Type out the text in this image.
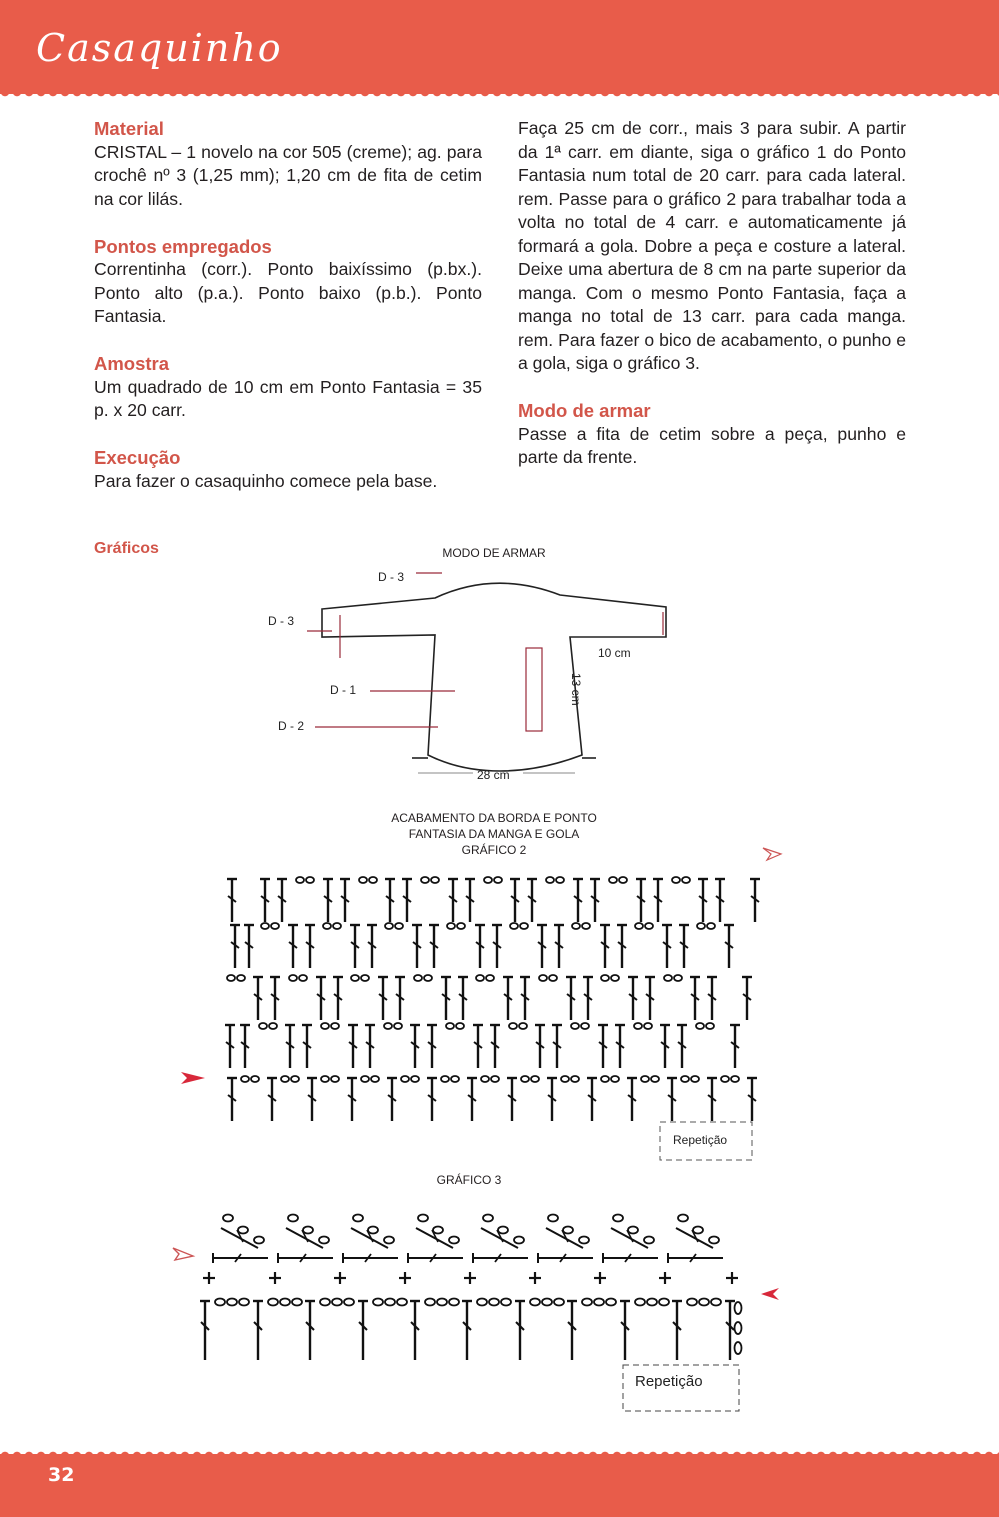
Casaquinho
Material
CRISTAL – 1 novelo na cor 505 (creme); ag. para crochê nº 3 (1,25 mm); 1,20 cm de fita de cetim na cor lilás.
Pontos empregados
Correntinha (corr.). Ponto baixíssimo (p.bx.). Ponto alto (p.a.). Ponto baixo (p.b.). Ponto Fantasia.
Amostra
Um quadrado de 10 cm em Ponto Fantasia = 35 p. x 20 carr.
Execução
Para fazer o casaquinho comece pela base.
Faça 25 cm de corr., mais 3 para subir. A partir da 1ª carr. em diante, siga o gráfico 1 do Ponto Fantasia num total de 20 carr. para cada lateral. rem. Passe para o gráfico 2 para trabalhar toda a volta no total de 4 carr. e automaticamente já formará a gola. Dobre a peça e costure a lateral. Deixe uma abertura de 8 cm na parte superior da manga. Com o mesmo Ponto Fantasia, faça a manga no total de 13 carr. para cada manga. rem. Para fazer o bico de acabamento, o punho e a gola, siga o gráfico 3.
Modo de armar
Passe a fita de cetim sobre a peça, punho e parte da frente.
Gráficos	MODO DE ARMAR
D - 3
D - 3
D - 1
D - 2
10 cm
13 cm
28 cm
ACABAMENTO DA BORDA E PONTO
FANTASIA DA MANGA E GOLA
GRÁFICO 2
Repetição
GRÁFICO 3
Repetição
32
